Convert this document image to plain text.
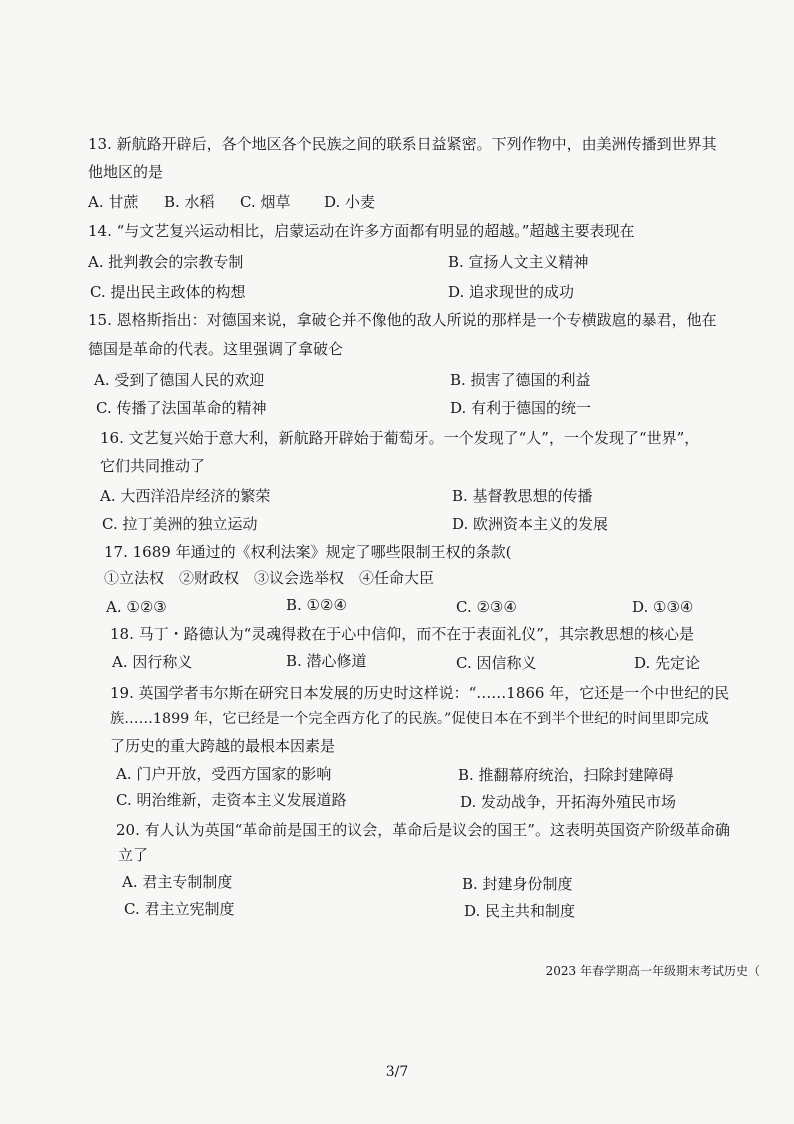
13. 新航路开辟后，各个地区各个民族之间的联系日益紧密。下列作物中，由美洲传播到世界其
他地区的是
A. 甘蔗 B. 水稻 C. 烟草 D. 小麦
14. “与文艺复兴运动相比，启蒙运动在许多方面都有明显的超越。”超越主要表现在
A. 批判教会的宗教专制	B. 宣扬人文主义精神
C. 提出民主政体的构想	D. 追求现世的成功
15. 恩格斯指出：对德国来说，拿破仑并不像他的敌人所说的那样是一个专横跋扈的暴君，他在
德国是革命的代表。这里强调了拿破仑
A. 受到了德国人民的欢迎	B. 损害了德国的利益
C. 传播了法国革命的精神	D. 有利于德国的统一
16. 文艺复兴始于意大利，新航路开辟始于葡萄牙。一个发现了“人”，一个发现了“世界”，
它们共同推动了
A. 大西洋沿岸经济的繁荣	B. 基督教思想的传播
C. 拉丁美洲的独立运动	D. 欧洲资本主义的发展
17. 1689 年通过的《权利法案》规定了哪些限制王权的条款(
①立法权　②财政权　③议会选举权　④任命大臣
A. ①②③	B. ①②④	C. ②③④	D. ①③④
18. 马丁・路德认为“灵魂得救在于心中信仰，而不在于表面礼仪”，其宗教思想的核心是
A. 因行称义	B. 潜心修道	C. 因信称义	D. 先定论
19. 英国学者韦尔斯在研究日本发展的历史时这样说：“……1866 年，它还是一个中世纪的民
族……1899 年，它已经是一个完全西方化了的民族。”促使日本在不到半个世纪的时间里即完成
了历史的重大跨越的最根本因素是
A. 门户开放，受西方国家的影响	B. 推翻幕府统治，扫除封建障碍
C. 明治维新，走资本主义发展道路	D. 发动战争，开拓海外殖民市场
20. 有人认为英国“革命前是国王的议会，革命后是议会的国王”。这表明英国资产阶级革命确
立了
A. 君主专制制度	B. 封建身份制度
C. 君主立宪制度	D. 民主共和制度
2023 年春学期高一年级期末考试历史（
3/7
